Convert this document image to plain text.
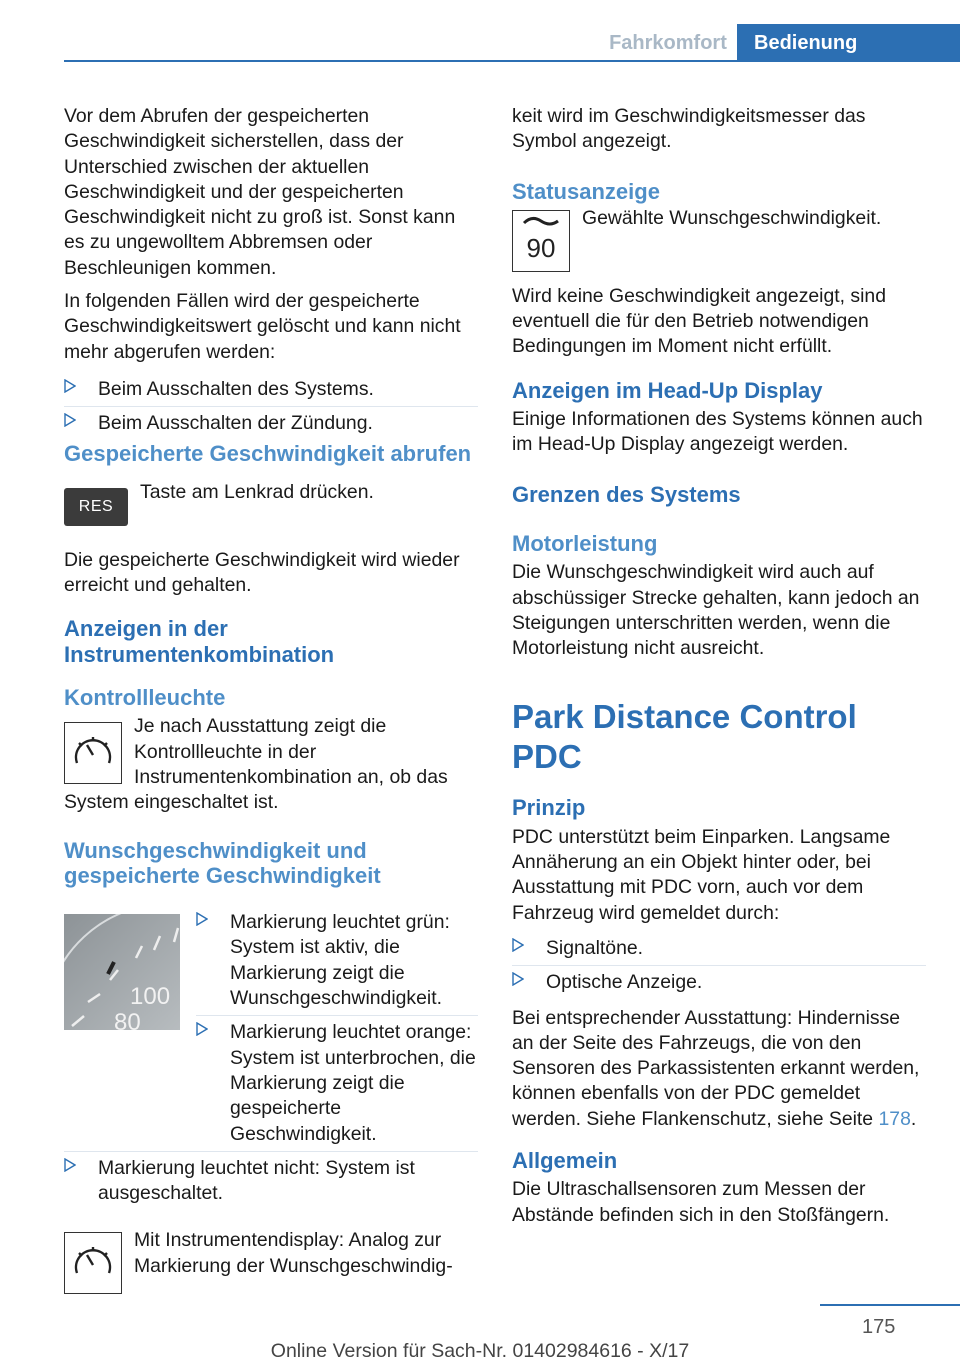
Fahrkomfort	Bedienung

Vor dem Abrufen der gespeicherten Geschwindigkeit sicherstellen, dass der Unterschied zwischen der aktuellen Geschwindigkeit und der gespeicherten Geschwindigkeit nicht zu groß ist. Sonst kann es zu ungewolltem Abbremsen oder Beschleunigen kommen.

In folgenden Fällen wird der gespeicherte Geschwindigkeitswert gelöscht und kann nicht mehr abgerufen werden:

Beim Ausschalten des Systems.
Beim Ausschalten der Zündung.
Gespeicherte Geschwindigkeit abrufen
RES

Taste am Lenkrad drücken.

Die gespeicherte Geschwindigkeit wird wieder erreicht und gehalten.

Anzeigen in der Instrumentenkombination
Kontrollleuchte

Je nach Ausstattung zeigt die Kontrollleuchte in der Instrumentenkombination an, ob das System eingeschaltet ist.

Wunschgeschwindigkeit und gespeicherte Geschwindigkeit
100
80
Markierung leuchtet grün: System ist aktiv, die Markierung zeigt die Wunschgeschwindigkeit.
Markierung leuchtet orange: System ist unterbrochen, die Markierung zeigt die gespeicherte Geschwindigkeit.
Markierung leuchtet nicht: System ist ausgeschaltet.

Mit Instrumentendisplay: Analog zur Markierung der Wunschgeschwindig-

keit wird im Geschwindigkeitsmesser das Symbol angezeigt.

Statusanzeige
90

Gewählte Wunschgeschwindigkeit.

Wird keine Geschwindigkeit angezeigt, sind eventuell die für den Betrieb notwendigen Bedingungen im Moment nicht erfüllt.

Anzeigen im Head-Up Display

Einige Informationen des Systems können auch im Head-Up Display angezeigt werden.

Grenzen des Systems
Motorleistung

Die Wunschgeschwindigkeit wird auch auf abschüssiger Strecke gehalten, kann jedoch an Steigungen unterschritten werden, wenn die Motorleistung nicht ausreicht.

Park Distance Control PDC
Prinzip

PDC unterstützt beim Einparken. Langsame Annäherung an ein Objekt hinter oder, bei Ausstattung mit PDC vorn, auch vor dem Fahrzeug wird gemeldet durch:

Signaltöne.
Optische Anzeige.

Bei entsprechender Ausstattung: Hindernisse an der Seite des Fahrzeugs, die von den Sensoren des Parkassistenten erkannt werden, können ebenfalls von der PDC gemeldet werden. Siehe Flankenschutz, siehe Seite 178.

Allgemein

Die Ultraschallsensoren zum Messen der Abstände befinden sich in den Stoßfängern.

175
Online Version für Sach-Nr. 01402984616 - X/17
